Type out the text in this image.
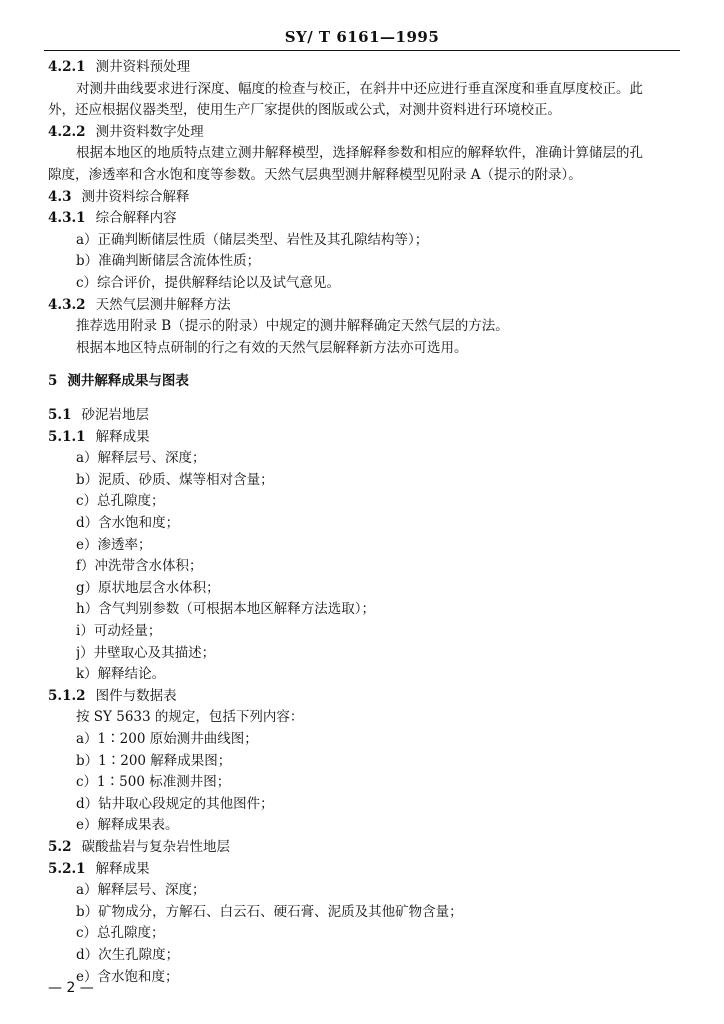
SY/ T 6161—1995
4.2.1 测井资料预处理
对测井曲线要求进行深度、幅度的检查与校正，在斜井中还应进行垂直深度和垂直厚度校正。此
外，还应根据仪器类型，使用生产厂家提供的图版或公式，对测井资料进行环境校正。
4.2.2 测井资料数字处理
根据本地区的地质特点建立测井解释模型，选择解释参数和相应的解释软件，准确计算储层的孔
隙度，渗透率和含水饱和度等参数。天然气层典型测井解释模型见附录 A（提示的附录）。
4.3 测井资料综合解释
4.3.1 综合解释内容
a）正确判断储层性质（储层类型、岩性及其孔隙结构等）；
b）准确判断储层含流体性质；
c）综合评价，提供解释结论以及试气意见。
4.3.2 天然气层测井解释方法
推荐选用附录 B（提示的附录）中规定的测井解释确定天然气层的方法。
根据本地区特点研制的行之有效的天然气层解释新方法亦可选用。
5 测井解释成果与图表
5.1 砂泥岩地层
5.1.1 解释成果
a）解释层号、深度；
b）泥质、砂质、煤等相对含量；
c）总孔隙度；
d）含水饱和度；
e）渗透率；
f）冲洗带含水体积；
g）原状地层含水体积；
h）含气判别参数（可根据本地区解释方法选取）；
i）可动烃量；
j）井壁取心及其描述；
k）解释结论。
5.1.2 图件与数据表
按 SY 5633 的规定，包括下列内容：
a）1∶200 原始测井曲线图；
b）1∶200 解释成果图；
c）1∶500 标准测井图；
d）钻井取心段规定的其他图件；
e）解释成果表。
5.2 碳酸盐岩与复杂岩性地层
5.2.1 解释成果
a）解释层号、深度；
b）矿物成分，方解石、白云石、硬石膏、泥质及其他矿物含量；
c）总孔隙度；
d）次生孔隙度；
e）含水饱和度；
— 2 —
